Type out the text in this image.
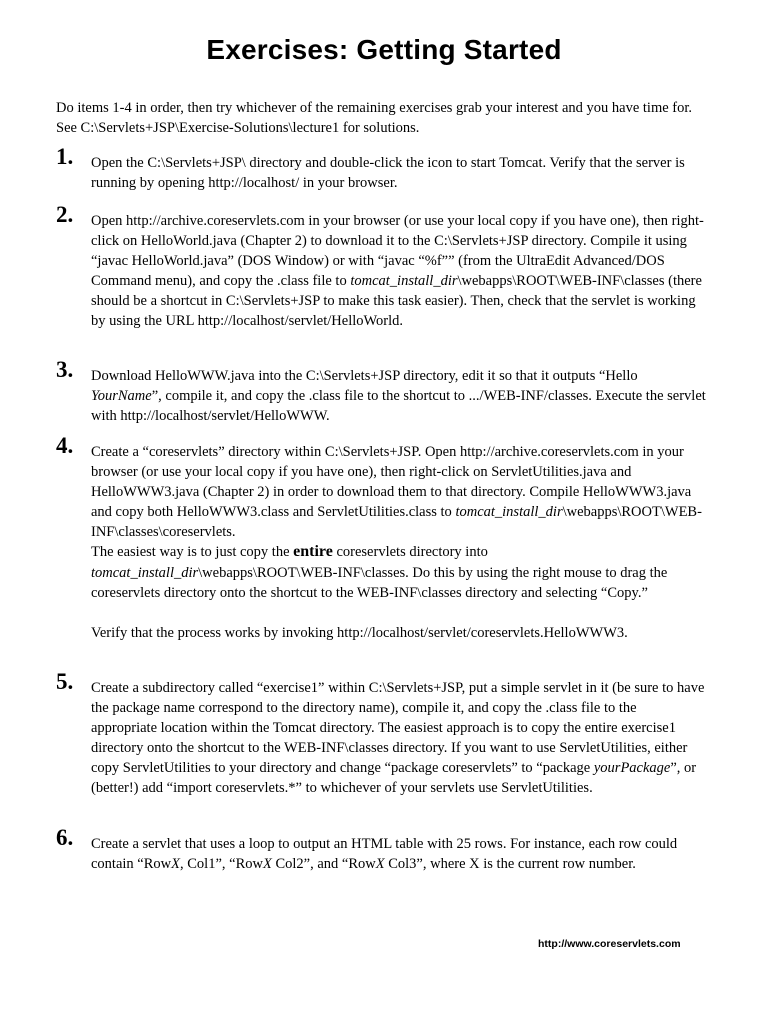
Exercises: Getting Started
Do items 1-4 in order, then try whichever of the remaining exercises grab your interest and you have time for. See C:\Servlets+JSP\Exercise-Solutions\lecture1 for solutions.
1. Open the C:\Servlets+JSP\ directory and double-click the icon to start Tomcat. Verify that the server is running by opening http://localhost/ in your browser.
2. Open http://archive.coreservlets.com in your browser (or use your local copy if you have one), then right-click on HelloWorld.java (Chapter 2) to download it to the C:\Servlets+JSP directory. Compile it using “javac HelloWorld.java” (DOS Window) or with “javac “%f”” (from the UltraEdit Advanced/DOS Command menu), and copy the .class file to tomcat_install_dir\webapps\ROOT\WEB-INF\classes (there should be a shortcut in C:\Servlets+JSP to make this task easier). Then, check that the servlet is working by using the URL http://localhost/servlet/HelloWorld.
3. Download HelloWWW.java into the C:\Servlets+JSP directory, edit it so that it outputs “Hello YourName”, compile it, and copy the .class file to the shortcut to .../WEB-INF/classes. Execute the servlet with http://localhost/servlet/HelloWWW.
4. Create a “coreservlets” directory within C:\Servlets+JSP. Open http://archive.coreservlets.com in your browser (or use your local copy if you have one), then right-click on ServletUtilities.java and HelloWWW3.java (Chapter 2) in order to download them to that directory. Compile HelloWWW3.java and copy both HelloWWW3.class and ServletUtilities.class to tomcat_install_dir\webapps\ROOT\WEB-INF\classes\coreservlets.

The easiest way is to just copy the entire coreservlets directory into tomcat_install_dir\webapps\ROOT\WEB-INF\classes. Do this by using the right mouse to drag the coreservlets directory onto the shortcut to the WEB-INF\classes directory and selecting “Copy.”

Verify that the process works by invoking http://localhost/servlet/coreservlets.HelloWWW3.

5. Create a subdirectory called “exercise1” within C:\Servlets+JSP, put a simple servlet in it (be sure to have the package name correspond to the directory name), compile it, and copy the .class file to the appropriate location within the Tomcat directory. The easiest approach is to copy the entire exercise1 directory onto the shortcut to the WEB-INF\classes directory. If you want to use ServletUtilities, either copy ServletUtilities to your directory and change “package coreservlets” to “package yourPackage”, or (better!) add “import coreservlets.*” to whichever of your servlets use ServletUtilities.
6. Create a servlet that uses a loop to output an HTML table with 25 rows. For instance, each row could contain “RowX, Col1”, “RowX Col2”, and “RowX Col3”, where X is the current row number.
http://www.coreservlets.com
